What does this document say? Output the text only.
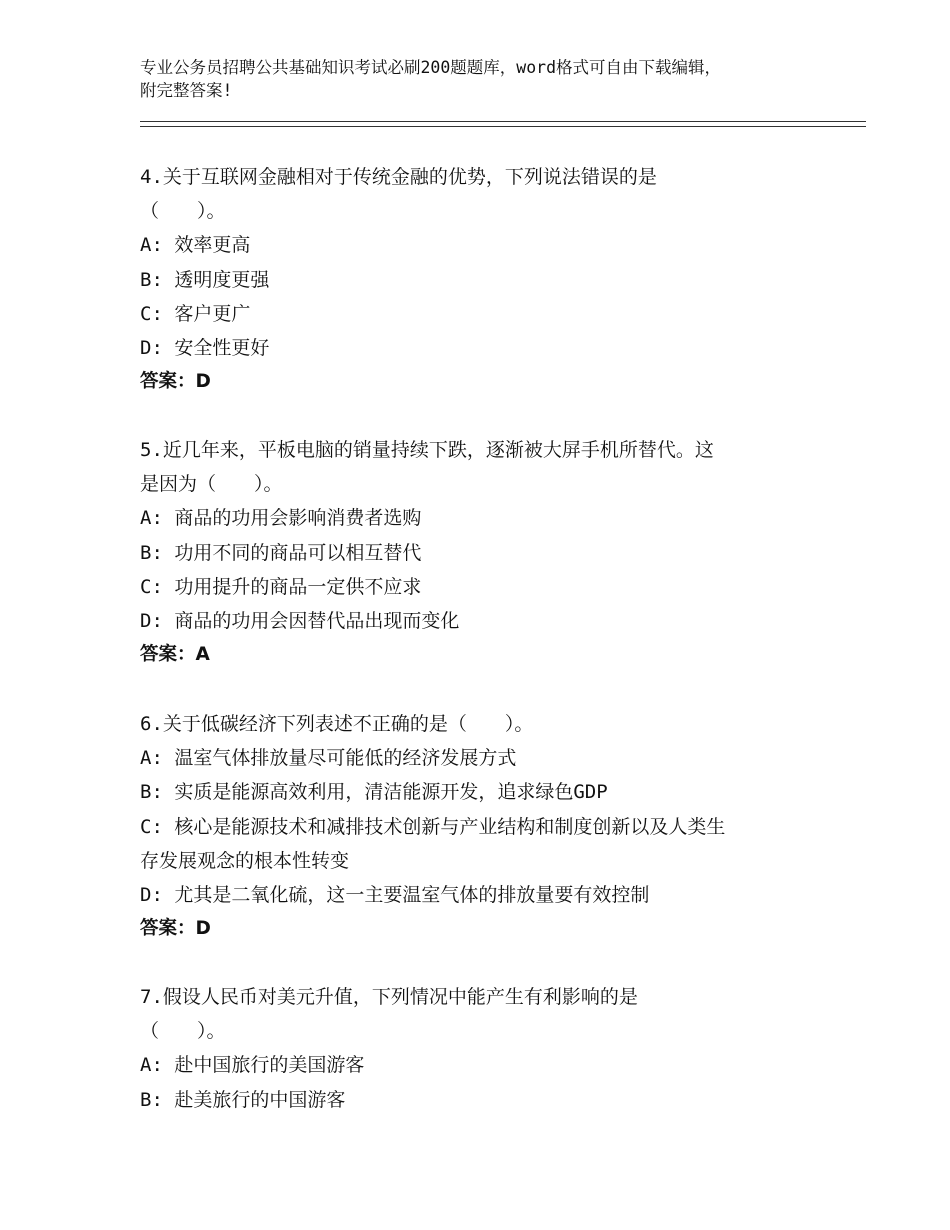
专业公务员招聘公共基础知识考试必刷200题题库，word格式可自由下载编辑，
附完整答案!
4.关于互联网金融相对于传统金融的优势，下列说法错误的是
（　　）。
A: 效率更高
B: 透明度更强
C: 客户更广
D: 安全性更好
答案：D
5.近几年来，平板电脑的销量持续下跌，逐渐被大屏手机所替代。这
是因为（　　）。
A: 商品的功用会影响消费者选购
B: 功用不同的商品可以相互替代
C: 功用提升的商品一定供不应求
D: 商品的功用会因替代品出现而变化
答案：A
6.关于低碳经济下列表述不正确的是（　　）。
A: 温室气体排放量尽可能低的经济发展方式
B: 实质是能源高效利用，清洁能源开发，追求绿色GDP
C: 核心是能源技术和减排技术创新与产业结构和制度创新以及人类生
存发展观念的根本性转变
D: 尤其是二氧化硫，这一主要温室气体的排放量要有效控制
答案：D
7.假设人民币对美元升值，下列情况中能产生有利影响的是
（　　）。
A: 赴中国旅行的美国游客
B: 赴美旅行的中国游客
